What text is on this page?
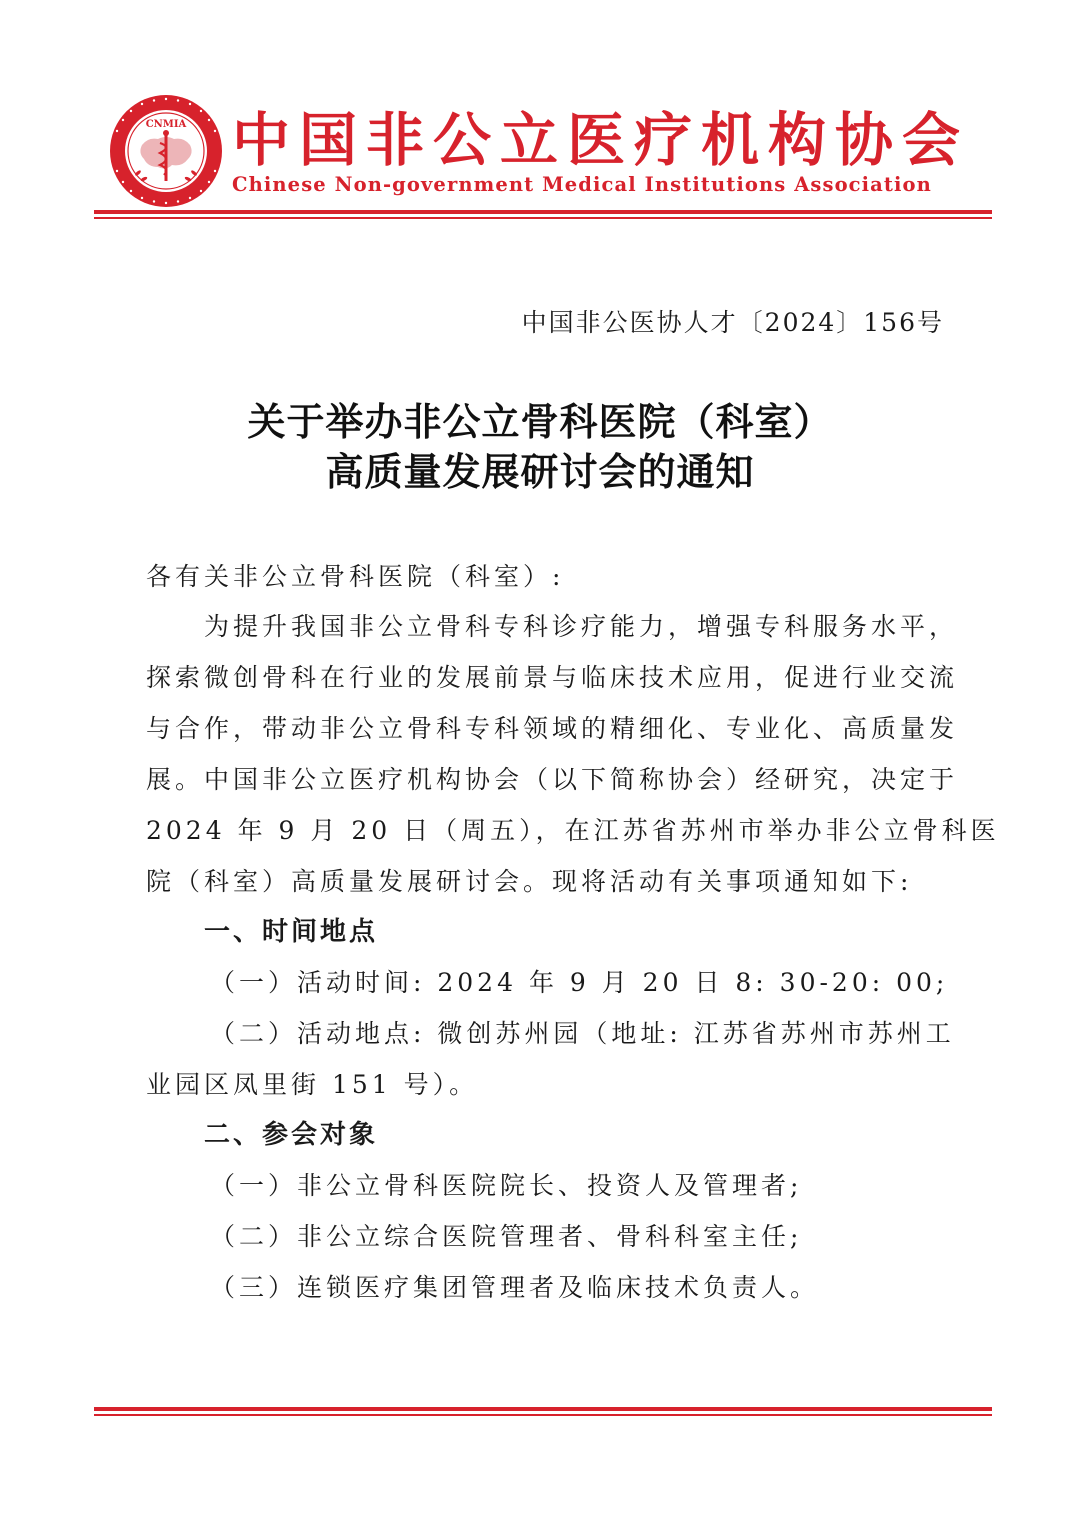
CNMIA 中国非公立医疗机构协会
Chinese Non-government Medical Institutions Association
中国非公医协人才〔2024〕156号
关于举办非公立骨科医院（科室）
高质量发展研讨会的通知
各有关非公立骨科医院（科室）:
为提升我国非公立骨科专科诊疗能力，增强专科服务水平，
探索微创骨科在行业的发展前景与临床技术应用，促进行业交流
与合作，带动非公立骨科专科领域的精细化、专业化、高质量发
展。中国非公立医疗机构协会（以下简称协会）经研究，决定于
2024 年 9 月 20 日（周五），在江苏省苏州市举办非公立骨科医
院（科室）高质量发展研讨会。现将活动有关事项通知如下:
一、时间地点
（一）活动时间: 2024 年 9 月 20 日 8: 30-20: 00;
（二）活动地点: 微创苏州园（地址: 江苏省苏州市苏州工
业园区凤里街 151 号）。
二、参会对象
（一）非公立骨科医院院长、投资人及管理者;
（二）非公立综合医院管理者、骨科科室主任;
（三）连锁医疗集团管理者及临床技术负责人。
